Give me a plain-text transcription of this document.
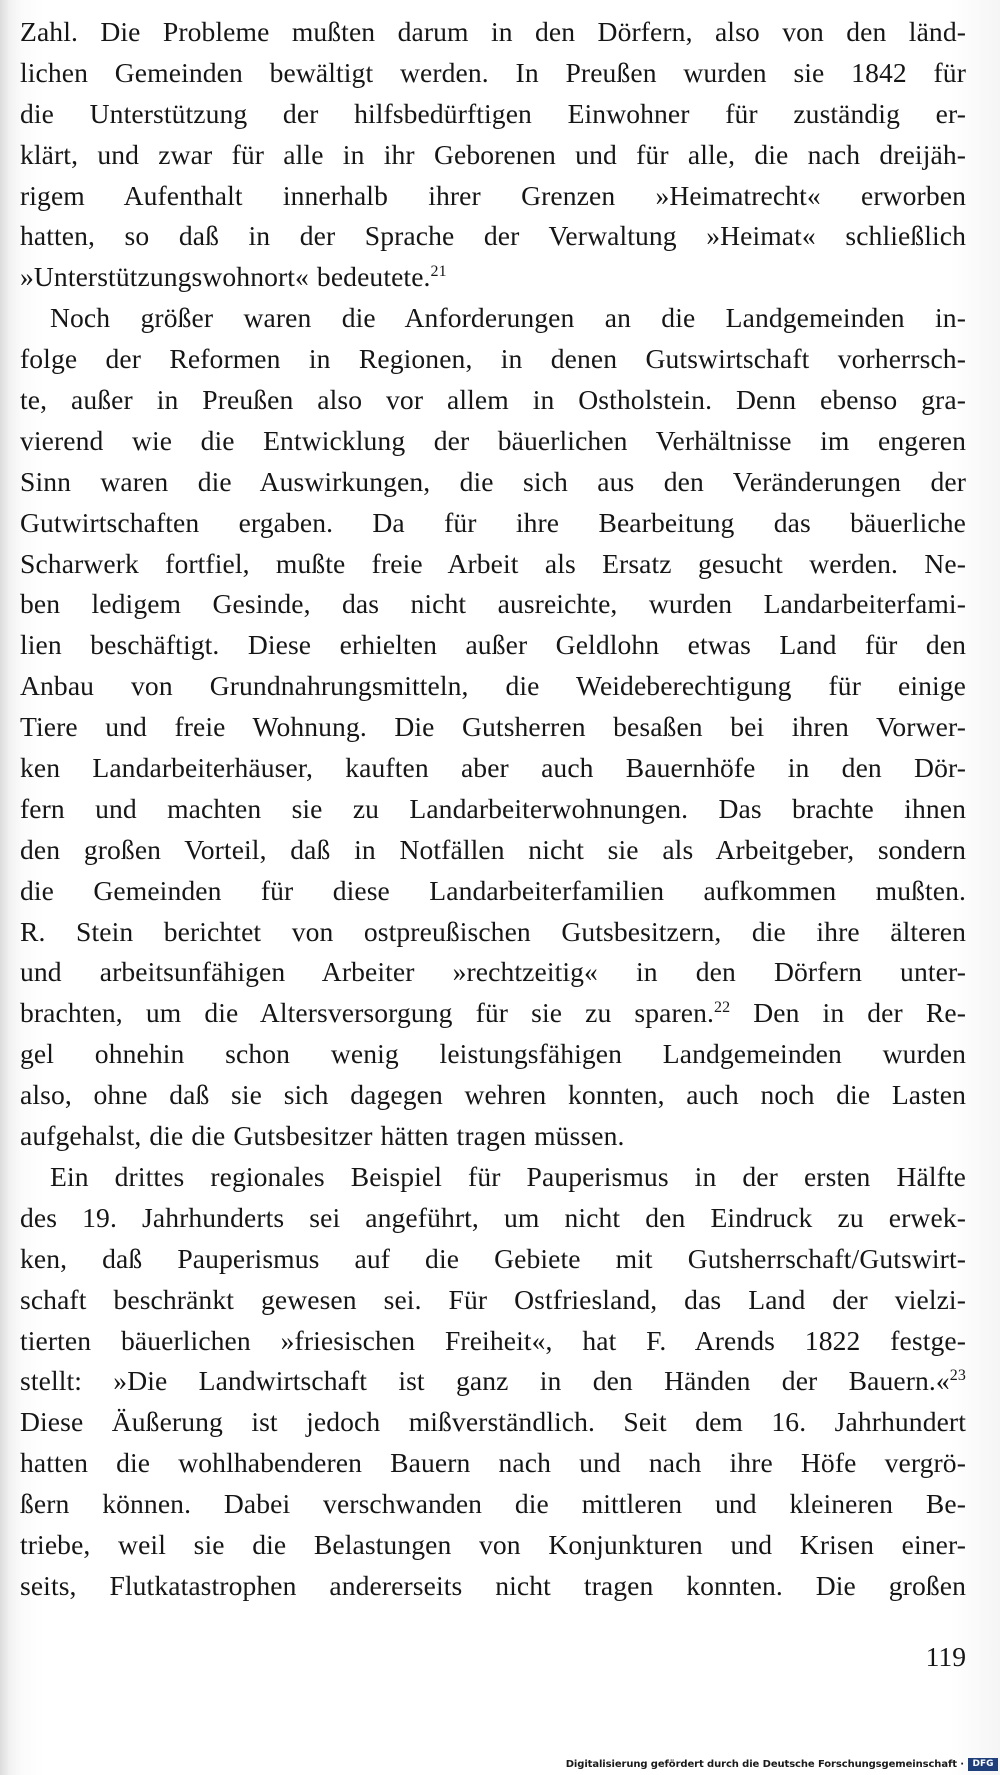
Zahl. Die Probleme mußten darum in den Dörfern, also von den länd-
lichen Gemeinden bewältigt werden. In Preußen wurden sie 1842 für
die Unterstützung der hilfsbedürftigen Einwohner für zuständig er-
klärt, und zwar für alle in ihr Geborenen und für alle, die nach dreijäh-
rigem Aufenthalt innerhalb ihrer Grenzen »Heimatrecht« erworben
hatten, so daß in der Sprache der Verwaltung »Heimat« schließlich
»Unterstützungswohnort« bedeutete.$^{21}$
Noch größer waren die Anforderungen an die Landgemeinden in-
folge der Reformen in Regionen, in denen Gutswirtschaft vorherrsch-
te, außer in Preußen also vor allem in Ostholstein. Denn ebenso gra-
vierend wie die Entwicklung der bäuerlichen Verhältnisse im engeren
Sinn waren die Auswirkungen, die sich aus den Veränderungen der
Gutwirtschaften ergaben. Da für ihre Bearbeitung das bäuerliche
Scharwerk fortfiel, mußte freie Arbeit als Ersatz gesucht werden. Ne-
ben ledigem Gesinde, das nicht ausreichte, wurden Landarbeiterfami-
lien beschäftigt. Diese erhielten außer Geldlohn etwas Land für den
Anbau von Grundnahrungsmitteln, die Weideberechtigung für einige
Tiere und freie Wohnung. Die Gutsherren besaßen bei ihren Vorwer-
ken Landarbeiterhäuser, kauften aber auch Bauernhöfe in den Dör-
fern und machten sie zu Landarbeiterwohnungen. Das brachte ihnen
den großen Vorteil, daß in Notfällen nicht sie als Arbeitgeber, sondern
die Gemeinden für diese Landarbeiterfamilien aufkommen mußten.
R. Stein berichtet von ostpreußischen Gutsbesitzern, die ihre älteren
und arbeitsunfähigen Arbeiter »rechtzeitig« in den Dörfern unter-
brachten, um die Altersversorgung für sie zu sparen.$^{22}$ Den in der Re-
gel ohnehin schon wenig leistungsfähigen Landgemeinden wurden
also, ohne daß sie sich dagegen wehren konnten, auch noch die Lasten
aufgehalst, die die Gutsbesitzer hätten tragen müssen.
Ein drittes regionales Beispiel für Pauperismus in der ersten Hälfte
des 19. Jahrhunderts sei angeführt, um nicht den Eindruck zu erwek-
ken, daß Pauperismus auf die Gebiete mit Gutsherrschaft/Gutswirt-
schaft beschränkt gewesen sei. Für Ostfriesland, das Land der vielzi-
tierten bäuerlichen »friesischen Freiheit«, hat F. Arends 1822 festge-
stellt: »Die Landwirtschaft ist ganz in den Händen der Bauern.«$^{23}$
Diese Äußerung ist jedoch mißverständlich. Seit dem 16. Jahrhundert
hatten die wohlhabenderen Bauern nach und nach ihre Höfe vergrö-
ßern können. Dabei verschwanden die mittleren und kleineren Be-
triebe, weil sie die Belastungen von Konjunkturen und Krisen einer-
seits, Flutkatastrophen andererseits nicht tragen konnten. Die großen
119
Digitalisierung gefördert durch die Deutsche Forschungsgemeinschaft · DFG
